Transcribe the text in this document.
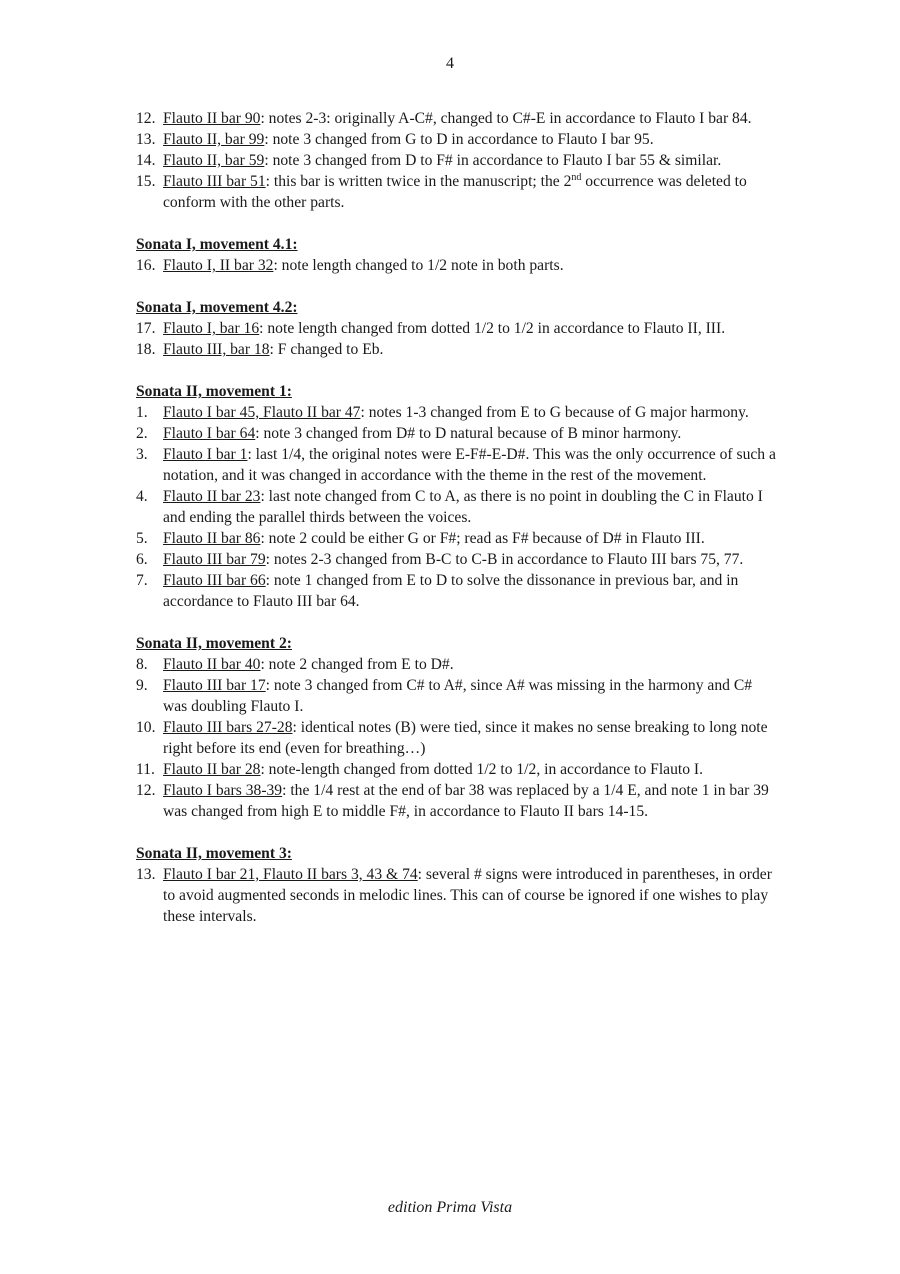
4
12. Flauto II bar 90: notes 2-3: originally A-C#, changed to C#-E in accordance to Flauto I bar 84.
13. Flauto II, bar 99: note 3 changed from G to D in accordance to Flauto I bar 95.
14. Flauto II, bar 59: note 3 changed from D to F# in accordance to Flauto I bar 55 & similar.
15. Flauto III bar 51: this bar is written twice in the manuscript; the 2nd occurrence was deleted to conform with the other parts.
Sonata I, movement 4.1:
16. Flauto I, II bar 32: note length changed to 1/2 note in both parts.
Sonata I, movement 4.2:
17. Flauto I, bar 16: note length changed from dotted 1/2 to 1/2 in accordance to Flauto II, III.
18. Flauto III, bar 18: F changed to Eb.
Sonata II, movement 1:
1. Flauto I bar 45, Flauto II bar 47: notes 1-3 changed from E to G because of G major harmony.
2. Flauto I bar 64: note 3 changed from D# to D natural because of B minor harmony.
3. Flauto I bar 1: last 1/4, the original notes were E-F#-E-D#. This was the only occurrence of such a notation, and it was changed in accordance with the theme in the rest of the movement.
4. Flauto II bar 23: last note changed from C to A, as there is no point in doubling the C in Flauto I and ending the parallel thirds between the voices.
5. Flauto II bar 86: note 2 could be either G or F#; read as F# because of D# in Flauto III.
6. Flauto III bar 79: notes 2-3 changed from B-C to C-B in accordance to Flauto III bars 75, 77.
7. Flauto III bar 66: note 1 changed from E to D to solve the dissonance in previous bar, and in accordance to Flauto III bar 64.
Sonata II, movement 2:
8. Flauto II bar 40: note 2 changed from E to D#.
9. Flauto III bar 17: note 3 changed from C# to A#, since A# was missing in the harmony and C# was doubling Flauto I.
10. Flauto III bars 27-28: identical notes (B) were tied, since it makes no sense breaking to long note right before its end (even for breathing…)
11. Flauto II bar 28: note-length changed from dotted 1/2 to 1/2, in accordance to Flauto I.
12. Flauto I bars 38-39: the 1/4 rest at the end of bar 38 was replaced by a 1/4 E, and note 1 in bar 39 was changed from high E to middle F#, in accordance to Flauto II bars 14-15.
Sonata II, movement 3:
13. Flauto I bar 21, Flauto II bars 3, 43 & 74: several # signs were introduced in parentheses, in order to avoid augmented seconds in melodic lines. This can of course be ignored if one wishes to play these intervals.
edition Prima Vista
